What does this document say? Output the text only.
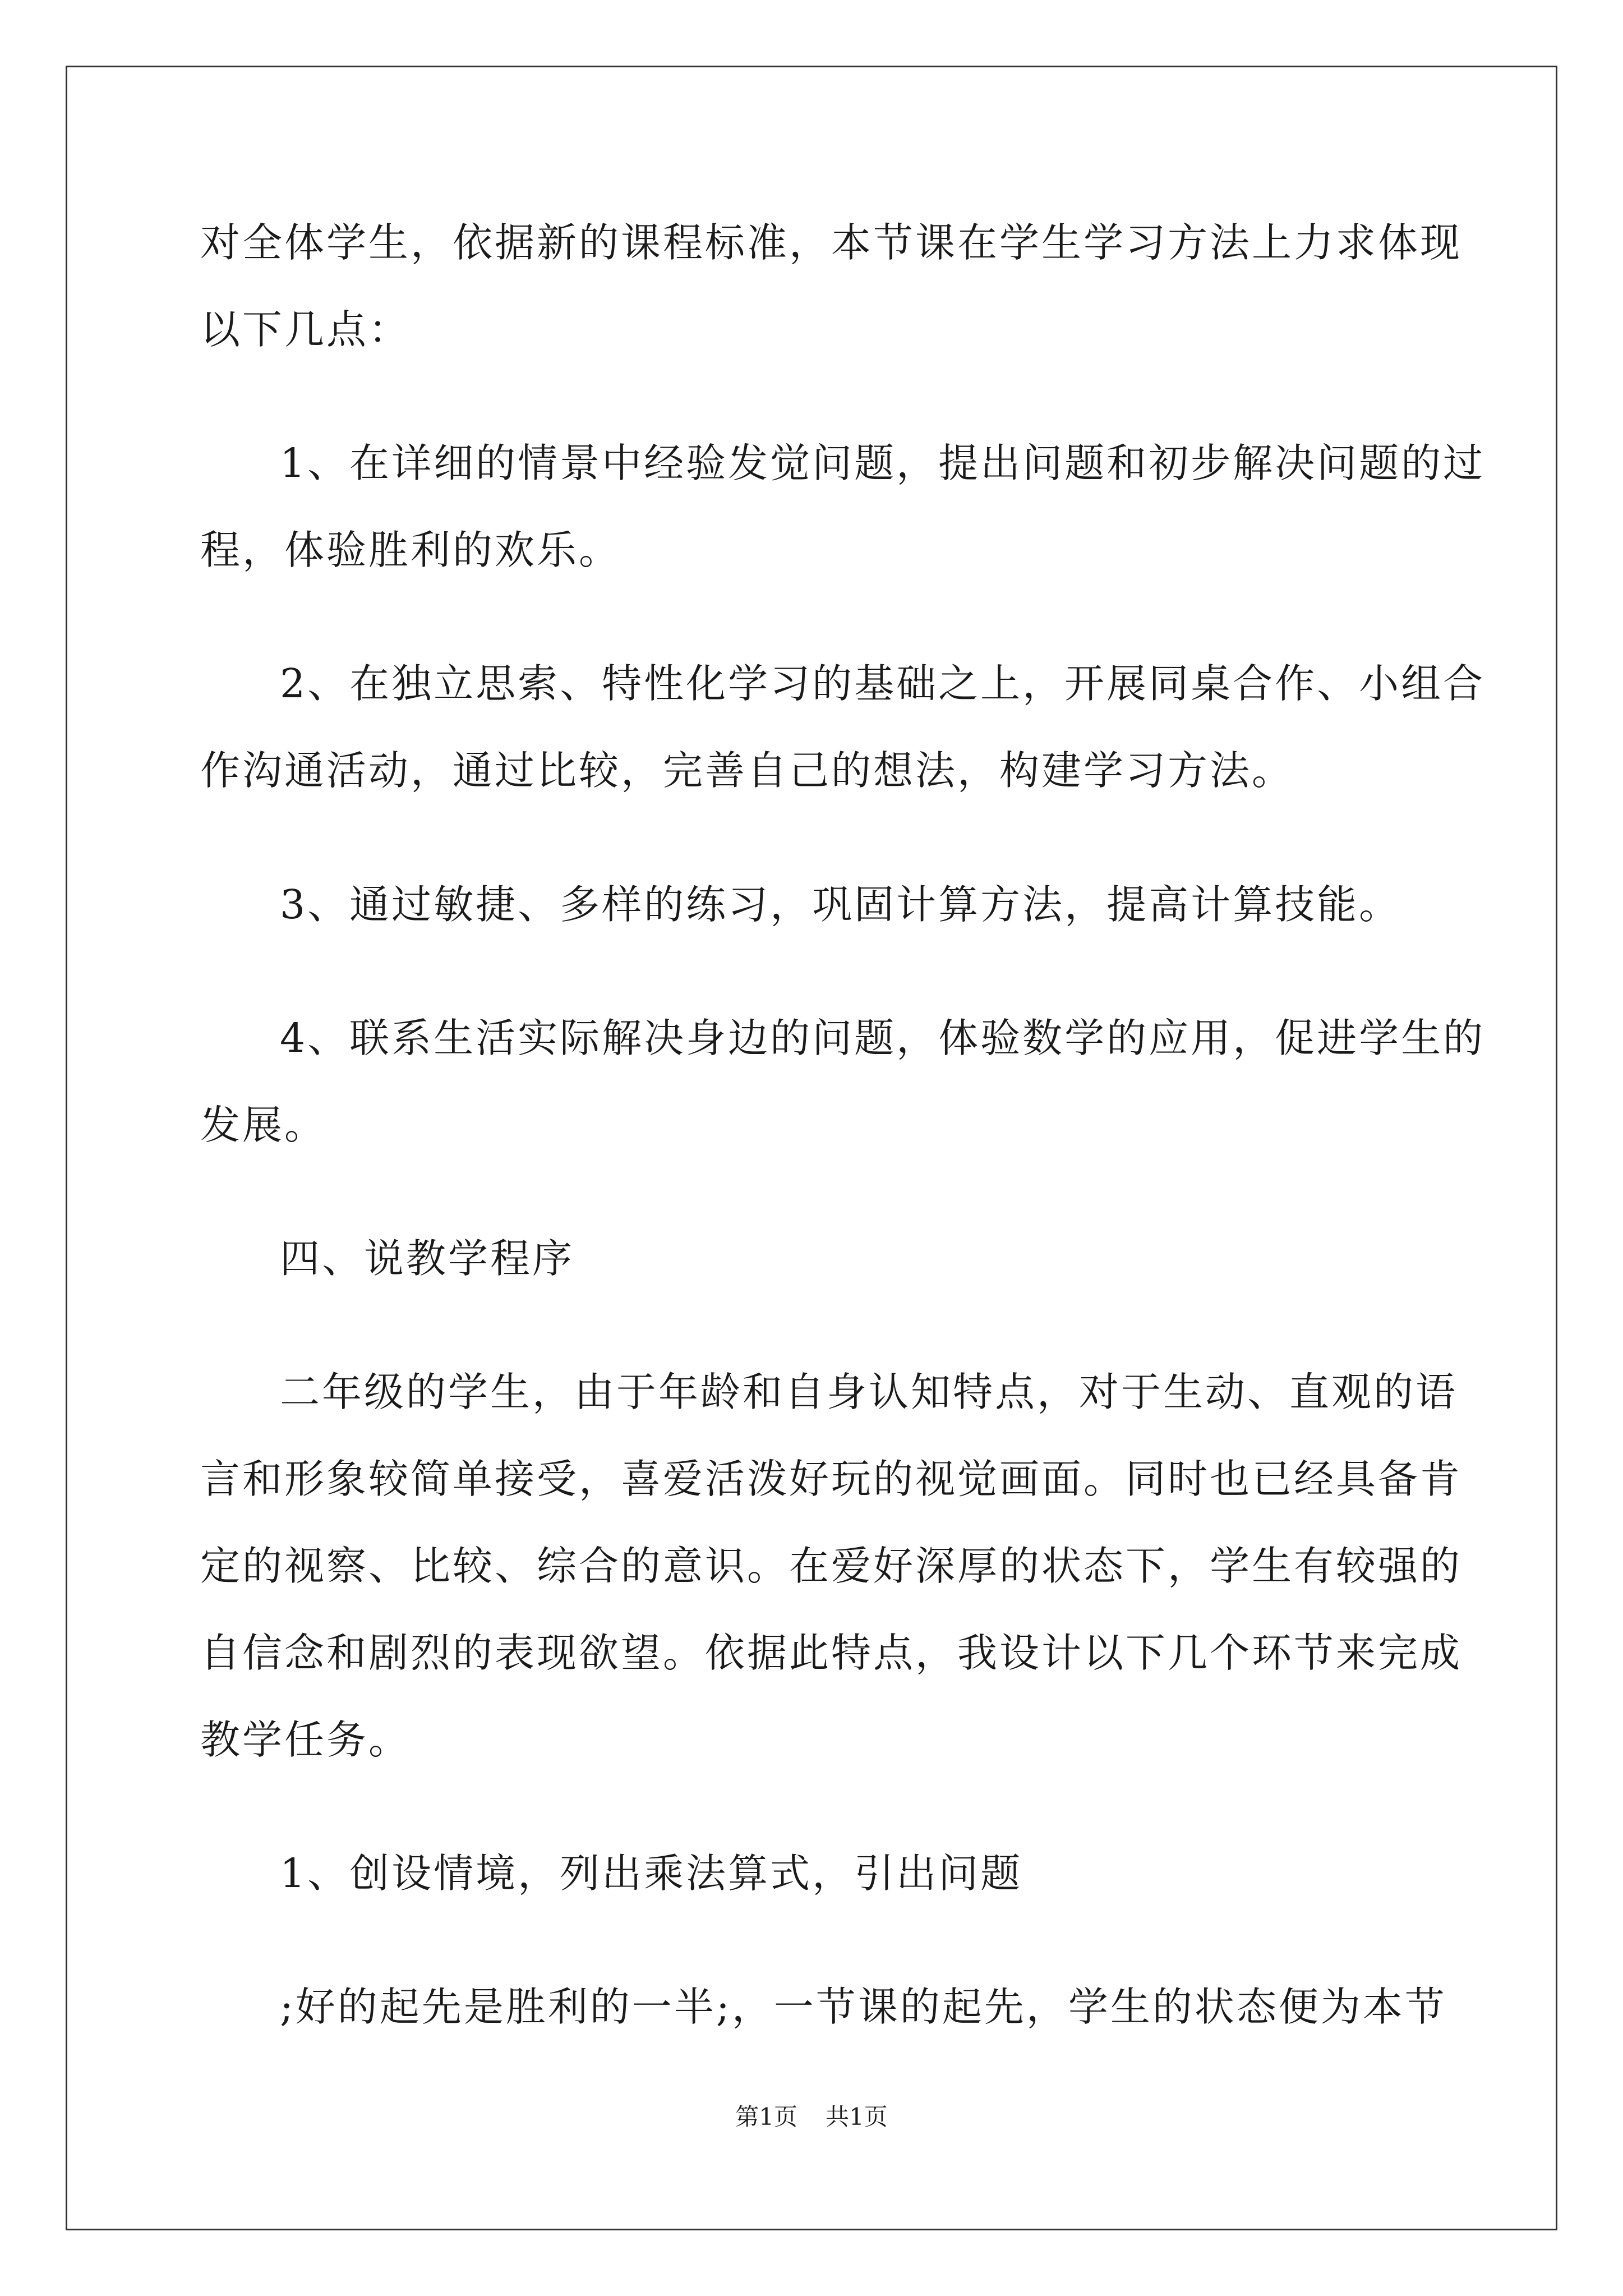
对全体学生，依据新的课程标准，本节课在学生学习方法上力求体现
以下几点：
1、在详细的情景中经验发觉问题，提出问题和初步解决问题的过
程，体验胜利的欢乐。
2、在独立思索、特性化学习的基础之上，开展同桌合作、小组合
作沟通活动，通过比较，完善自己的想法，构建学习方法。
3、通过敏捷、多样的练习，巩固计算方法，提高计算技能。
4、联系生活实际解决身边的问题，体验数学的应用，促进学生的
发展。
四、说教学程序
二年级的学生，由于年龄和自身认知特点，对于生动、直观的语
言和形象较简单接受，喜爱活泼好玩的视觉画面。同时也已经具备肯
定的视察、比较、综合的意识。在爱好深厚的状态下，学生有较强的
自信念和剧烈的表现欲望。依据此特点，我设计以下几个环节来完成
教学任务。
1、创设情境，列出乘法算式，引出问题
;好的起先是胜利的一半;，一节课的起先，学生的状态便为本节
第1页 共1页
